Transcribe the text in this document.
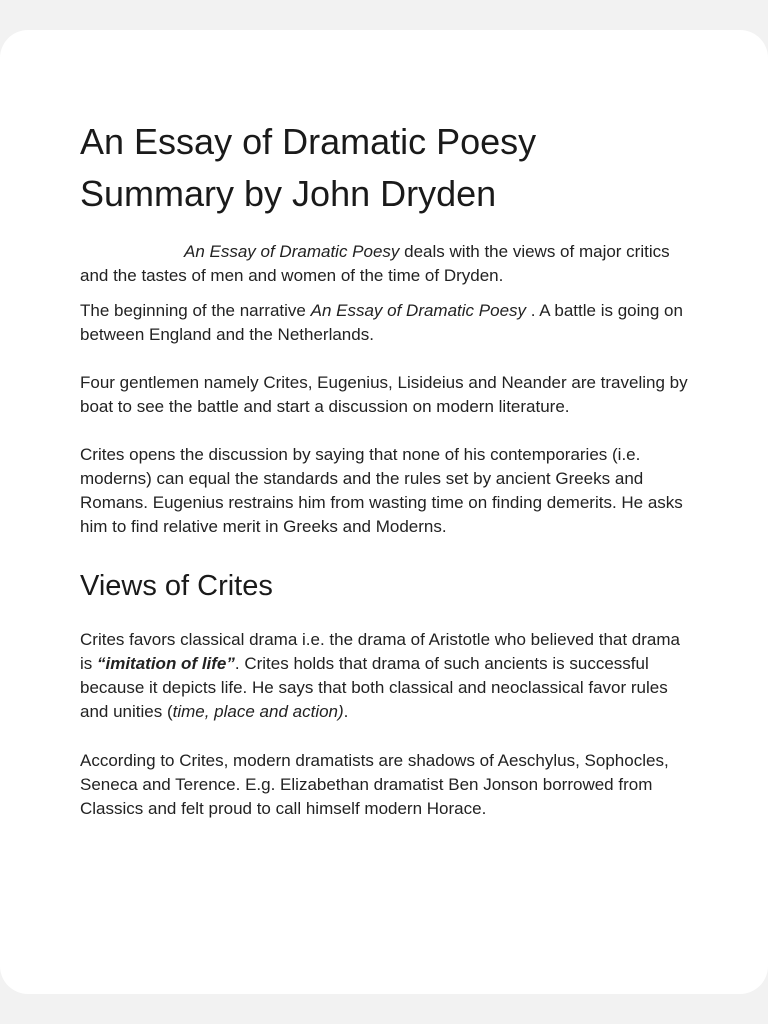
An Essay of Dramatic Poesy
Summary by John Dryden

An Essay of Dramatic Poesy deals with the views of major critics and the tastes of men and women of the time of Dryden.

The beginning of the narrative An Essay of Dramatic Poesy . A battle is going on between England and the Netherlands.

Four gentlemen namely Crites, Eugenius, Lisideius and Neander are traveling by boat to see the battle and start a discussion on modern literature.

Crites opens the discussion by saying that none of his contemporaries (i.e. moderns) can equal the standards and the rules set by ancient Greeks and Romans. Eugenius restrains him from wasting time on finding demerits. He asks him to find relative merit in Greeks and Moderns.

Views of Crites

Crites favors classical drama i.e. the drama of Aristotle who believed that drama is “imitation of life”. Crites holds that drama of such ancients is successful because it depicts life. He says that both classical and neoclassical favor rules and unities (time, place and action).

According to Crites, modern dramatists are shadows of Aeschylus, Sophocles, Seneca and Terence. E.g. Elizabethan dramatist Ben Jonson borrowed from Classics and felt proud to call himself modern Horace.
